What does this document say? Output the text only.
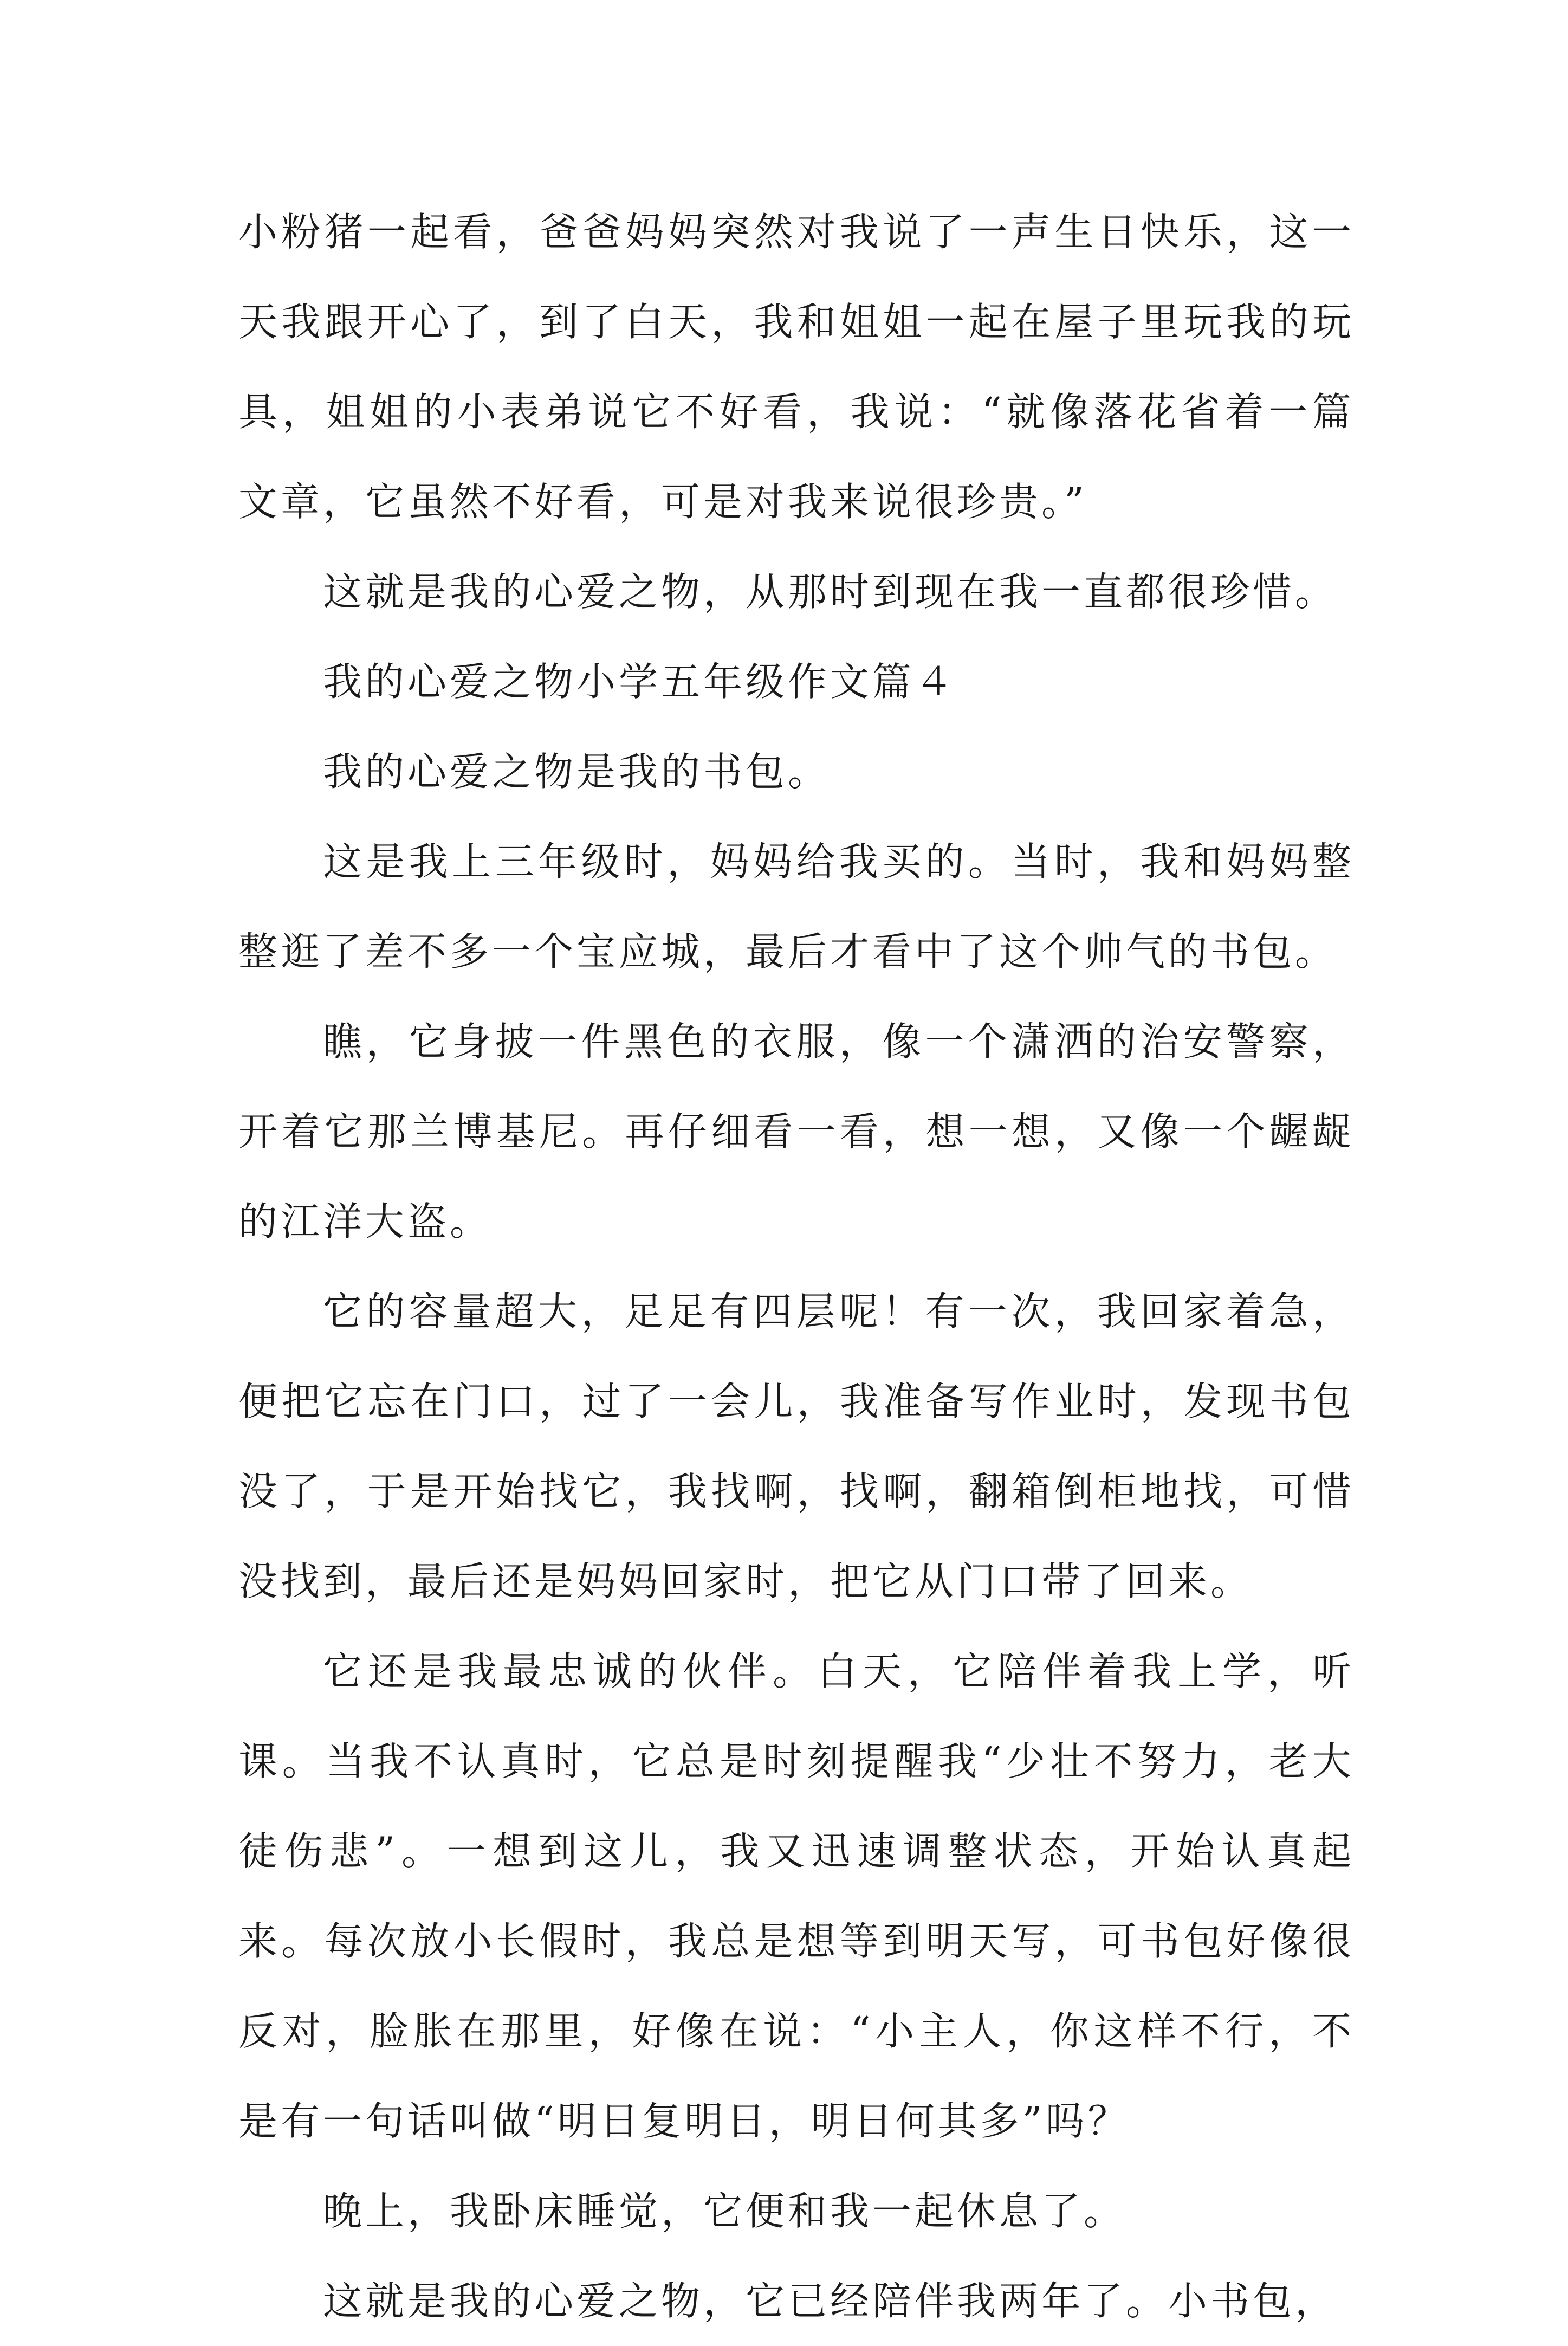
小粉猪一起看，爸爸妈妈突然对我说了一声生日快乐，这一天我跟开心了，到了白天，我和姐姐一起在屋子里玩我的玩具，姐姐的小表弟说它不好看，我说：“就像落花省着一篇文章，它虽然不好看，可是对我来说很珍贵。”

这就是我的心爱之物，从那时到现在我一直都很珍惜。

我的心爱之物小学五年级作文篇４

我的心爱之物是我的书包。

这是我上三年级时，妈妈给我买的。当时，我和妈妈整整逛了差不多一个宝应城，最后才看中了这个帅气的书包。

瞧，它身披一件黑色的衣服，像一个潇洒的治安警察，开着它那兰博基尼。再仔细看一看，想一想，又像一个龌龊的江洋大盗。

它的容量超大，足足有四层呢！有一次，我回家着急，便把它忘在门口，过了一会儿，我准备写作业时，发现书包没了，于是开始找它，我找啊，找啊，翻箱倒柜地找，可惜没找到，最后还是妈妈回家时，把它从门口带了回来。

它还是我最忠诚的伙伴。白天，它陪伴着我上学，听课。当我不认真时，它总是时刻提醒我“少壮不努力，老大徒伤悲”。一想到这儿，我又迅速调整状态，开始认真起来。每次放小长假时，我总是想等到明天写，可书包好像很反对，脸胀在那里，好像在说：“小主人，你这样不行，不是有一句话叫做“明日复明日，明日何其多”吗？

晚上，我卧床睡觉，它便和我一起休息了。

这就是我的心爱之物，它已经陪伴我两年了。小书包，
